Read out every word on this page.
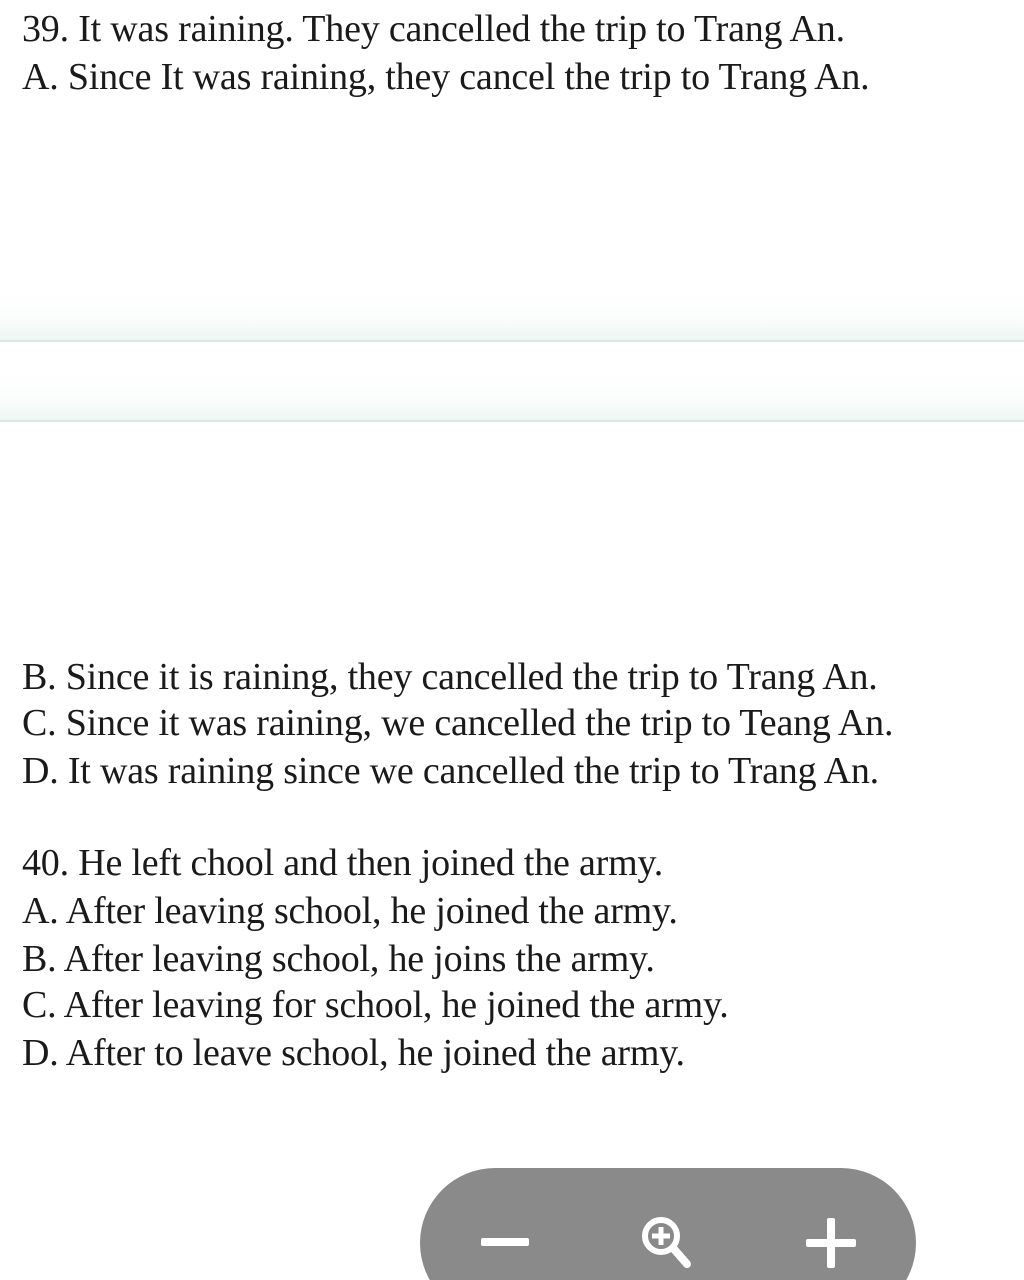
39. It was raining. They cancelled the trip to Trang An.
A. Since It was raining, they cancel the trip to Trang An.
B. Since it is raining, they cancelled the trip to Trang An.
C. Since it was raining, we cancelled the trip to Teang An.
D. It was raining since we cancelled the trip to Trang An.
40. He left chool and then joined the army.
A. After leaving school, he joined the army.
B. After leaving school, he joins the army.
C. After leaving for school, he joined the army.
D. After to leave school, he joined the army.
